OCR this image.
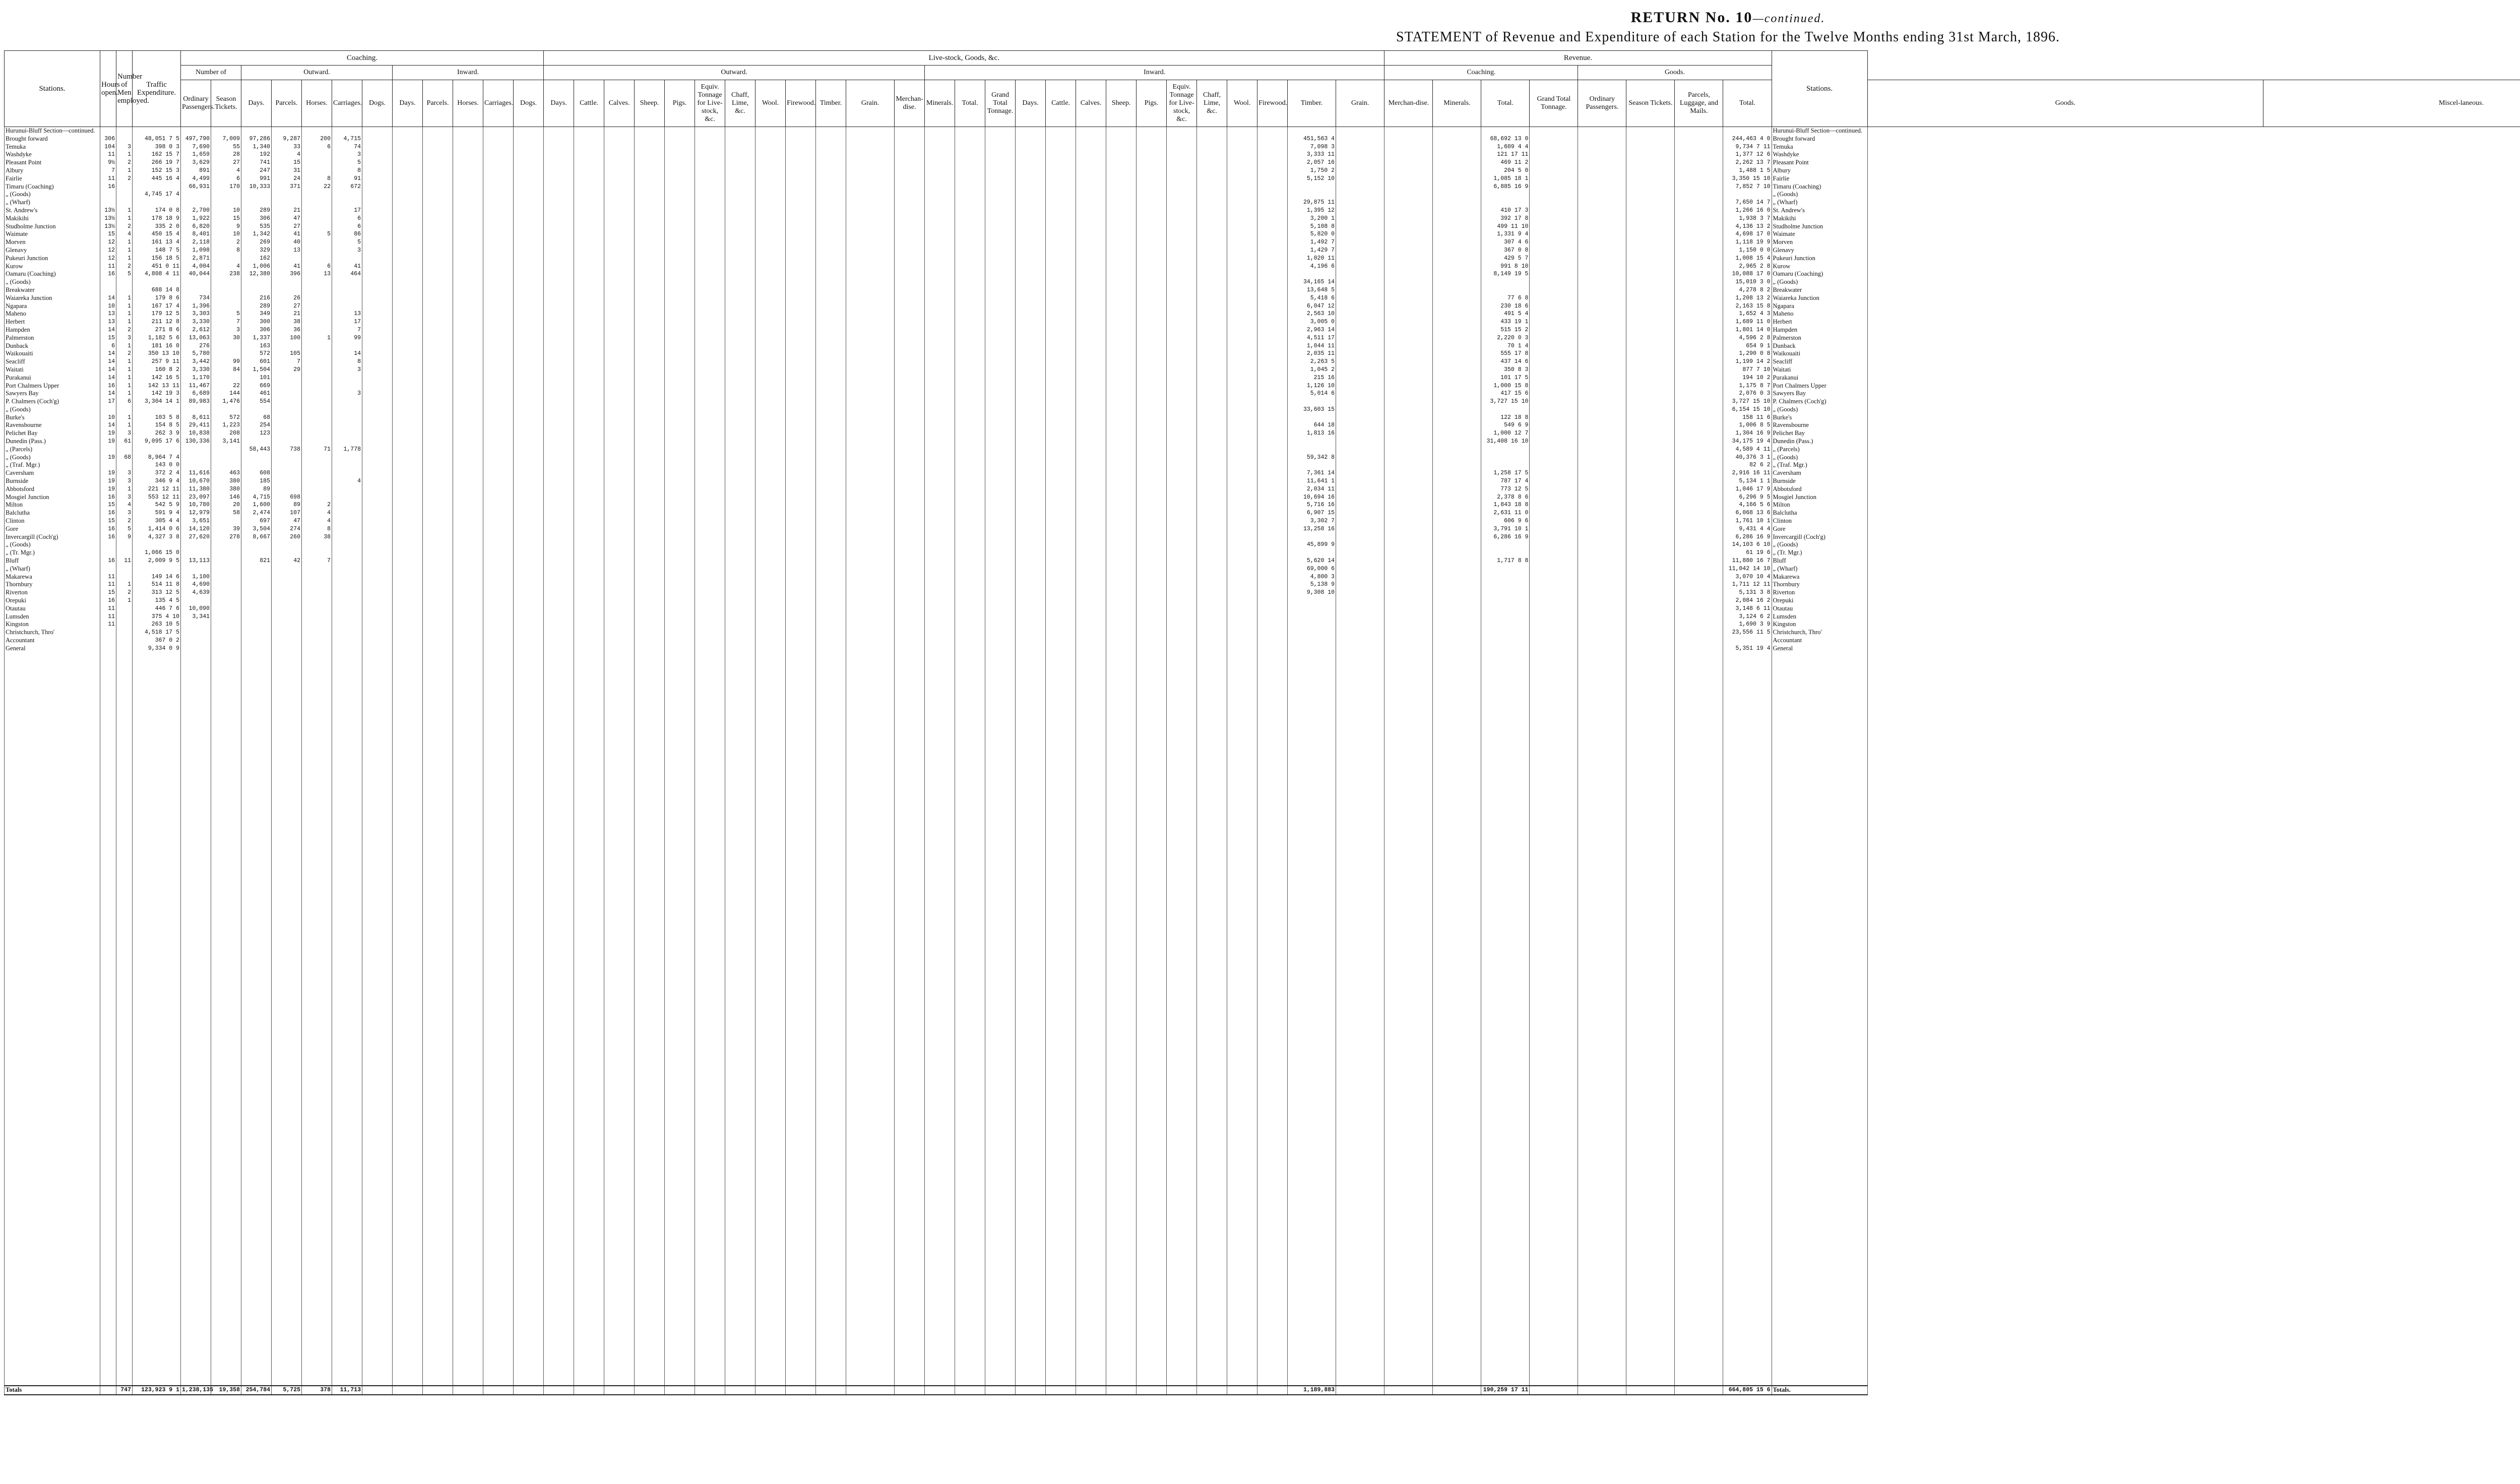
RETURN No. 10—continued.
STATEMENT of Revenue and Expenditure of each Station for the Twelve Months ending 31st March, 1896.
Stations.	Hours open.	Number of Men employed.	Traffic Expenditure.	Coaching.												Live-stock, Goods, &c.																										Revenue.								Stations.				
				Number of		Outward.					Inward.					Outward.												Inward.														Coaching.				Goods.								
						Days.	Parcels.	Horses.	Carriages.	Dogs.	Days.	Parcels.	Horses.	Carriages.	Dogs.	Days.	Cattle.	Calves.	Sheep.	Pigs.	Equiv. Tonnage for Live-stock, &c.	Chaff, Lime, &c.	Wool.	Firewood.	Timber.	Grain.	Merchan-dise.	Minerals.	Total.	Grand Total Tonnage.	Days.	Cattle.	Calves.	Sheep.	Pigs.	Equiv. Tonnage for Live-stock, &c.	Chaff, Lime, &c.	Wool.	Firewood.	Timber.	Grain.	Merchan-dise.	Minerals.	Total.	Grand Total Tonnage.	Ordinary Passengers.	Season Tickets.	Parcels, Luggage, and Mails.	Total.		Goods.	Miscel-laneous.		
				Ordinary Passengers.	Season Tickets.																																																	
Hurunui-Bluff Section—continued.																																																		Hurunui-Bluff Section—continued.				
Brought forward	306		48,051 7 5	497,790	7,009	97,286	9,287	200	4,715																															451,563 4				68,692 13 0					244,463 4 0	Brought forward				
Temuka	104	3	398 0 3	7,690	55	1,340	33	6	74																															7,098 3				1,609 4 4					9,734 7 11	Temuka				
Washdyke	11	1	162 15 7	1,659	28	192	4		3																															3,333 11				121 17 11					1,377 12 6	Washdyke				
Pleasant Point	9½	2	266 19 7	3,629	27	741	15		5																															2,057 16				469 11 2					2,262 13 7	Pleasant Point				
Albury	7	1	152 15 3	891	4	247	31		8																															1,750 2				204 5 0					1,488 1 5	Albury				
Fairlie	11	2	445 16 4	4,499	6	991	24	8	91																															5,152 10				1,085 18 1					3,350 15 10	Fairlie				
Timaru (Coaching)	16			66,931	170	10,333	371	22	672																																			6,885 16 9					7,852 7 10	Timaru (Coaching)				
„ (Goods)			4,745 17 4																																															„ (Goods)				
„ (Wharf)																																								29,875 11									7,650 14 7	„ (Wharf)				
St. Andrew's	13½	1	174 0 8	2,700	10	289	21		17																															1,395 12				410 17 3					1,266 16 0	St. Andrew's				
Makikihi	13½	1	178 18 9	1,922	15	306	47		6																															3,200 1				392 17 8					1,938 3 7	Makikihi				
Studholme Junction	13½	2	335 2 0	6,820	9	535	27		6																															5,108 8				499 11 10					4,136 13 2	Studholme Junction				
Waimate	15	4	450 15 4	8,401	10	1,342	41	5	86																															5,820 0				1,331 9 4					4,698 17 0	Waimate				
Morven	12	1	161 13 4	2,118	2	269	40		5																															1,492 7				307 4 6					1,118 19 9	Morven				
Glenavy	12	1	148 7 5	1,098	8	329	13		3																															1,429 7				367 0 8					1,150 0 0	Glenavy				
Pukeuri Junction	12	1	156 18 5	2,871		162																																		1,020 11				429 5 7					1,008 15 4	Pukeuri Junction				
Kurow	11	2	451 0 11	4,004	4	1,006	41	6	41																															4,196 6				991 8 10					2,965 2 8	Kurow				
Oamaru (Coaching)	16	5	4,808 4 11	40,044	238	12,380	396	13	464																																			8,149 19 5					10,088 17 0	Oamaru (Coaching)				
„ (Goods)																																								34,165 14									15,010 3 0	„ (Goods)				
Breakwater			688 14 8																																					13,648 5									4,278 8 2	Breakwater				
Waiareka Junction	14	1	179 8 6	734		216	26																																	5,418 6				77 6 8					1,208 13 2	Waiareka Junction				
Ngapara	10	1	167 17 4	1,396		289	27																																	6,047 12				230 18 6					2,163 15 8	Ngapara				
Maheno	13	1	179 12 5	3,303	5	349	21		13																															2,563 10				491 5 4					1,652 4 3	Maheno				
Herbert	13	1	211 12 8	3,330	7	300	38		17																															3,005 0				433 19 1					1,689 11 0	Herbert				
Hampden	14	2	271 8 6	2,612	3	306	36		7																															2,963 14				515 15 2					1,801 14 0	Hampden				
Palmerston	15	3	1,182 5 6	13,063	30	1,337	100	1	99																															4,511 17				2,220 0 3					4,596 2 8	Palmerston				
Dunback	6	1	181 16 0	276		163																																		1,044 11				70 1 4					654 9 1	Dunback				
Waikouaiti	14	2	350 13 10	5,780		572	105		14																															2,035 11				555 17 8					1,290 0 8	Waikouaiti				
Seacliff	14	1	257 9 11	3,442	99	601	7		8																															2,263 5				437 14 6					1,199 14 2	Seacliff				
Waitati	14	1	160 8 2	3,330	84	1,504	29		3																															1,045 2				350 8 3					877 7 10	Waitati				
Purakanui	14	1	142 16 5	1,170		101																																		215 16				101 17 5					194 10 2	Purakanui				
Port Chalmers Upper	16	1	142 13 11	11,467	22	669																																		1,126 10				1,000 15 8					1,175 8 7	Port Chalmers Upper				
Sawyers Bay	14	1	142 19 3	6,689	144	461			3																															5,014 6				417 15 6					2,076 0 3	Sawyers Bay				
P. Chalmers (Coch'g)	17	6	3,304 14 1	89,983	1,476	554																																						3,727 15 10					3,727 15 10	P. Chalmers (Coch'g)				
„ (Goods)																																								33,603 15									6,154 15 10	„ (Goods)				
Burke's	10	1	103 5 8	8,611	572	68																																						122 18 8					158 11 6	Burke's				
Ravensbourne	14	1	154 8 5	29,411	1,223	254																																		644 18				549 6 9					1,006 8 5	Ravensbourne				
Pelichet Bay	19	3	262 3 9	10,838	208	123																																		1,813 16				1,000 12 7					1,304 16 9	Pelichet Bay				
Dunedin (Pass.)	19	61	9,095 17 6	130,336	3,141																																							31,408 16 10					34,175 19 4	Dunedin (Pass.)				
„ (Parcels)						58,443	738	71	1,778																																								4,589 4 11	„ (Parcels)				
„ (Goods)	19	68	8,964 7 4																																					59,342 8									40,376 3 1	„ (Goods)				
„ (Traf. Mgr.)			143 0 0																																														82 6 2	„ (Traf. Mgr.)				
Caversham	19	3	372 2 4	11,616	463	608																																		7,361 14				1,258 17 5					2,916 16 11	Caversham				
Burnside	19	3	346 9 4	10,670	380	185			4																															11,641 1				787 17 4					5,134 1 1	Burnside				
Abbotsford	19	1	221 12 11	11,380	380	89																																		2,034 11				773 12 5					1,046 17 9	Abbotsford				
Mosgiel Junction	16	3	553 12 11	23,097	146	4,715	698																																	10,694 16				2,378 8 6					6,296 9 5	Mosgiel Junction				
Milton	15	4	542 5 9	10,780	20	1,600	89	2																																5,716 16				1,843 18 8					4,166 5 6	Milton				
Balclutha	16	3	591 9 4	12,979	58	2,474	107	4																																6,907 15				2,631 11 0					6,068 13 6	Balclutha				
Clinton	15	2	305 4 4	3,651		697	47	4																																3,302 7				606 9 6					1,761 10 1	Clinton				
Gore	16	5	1,414 0 6	14,120	39	3,504	274	8																																13,258 16				3,791 10 1					9,431 4 4	Gore				
Invercargill (Coch'g)	16	9	4,327 3 8	27,620	278	8,667	260	38																																				6,286 16 9					6,286 16 9	Invercargill (Coch'g)				
„ (Goods)																																								45,899 9									14,103 6 10	„ (Goods)				
„ (Tr. Mgr.)			1,066 15 0																																														61 19 6	„ (Tr. Mgr.)				
Bluff	16	11	2,009 9 5	13,113		821	42	7																																5,620 14				1,717 8 8					11,880 16 7	Bluff				
„ (Wharf)																																								69,000 6									11,042 14 10	„ (Wharf)				
Makarewa	11		149 14 6	1,100																																				4,800 3									3,070 10 4	Makarewa				
Thornbury	11	1	514 11 8	4,690																																				5,138 9									1,711 12 11	Thornbury				
Riverton	15	2	313 12 5	4,639																																				9,308 10									5,131 3 8	Riverton				
Orepuki	16	1	135 4 5																																														2,084 16 2	Orepuki				
Otautau	11		446 7 6	10,090																																													3,148 6 11	Otautau				
Lumsden	11		375 4 10	3,341																																													3,124 6 2	Lumsden				
Kingston	11		263 10 5																																														1,690 3 9	Kingston				
Christchurch, Thro'			4,518 17 5																																														23,556 11 5	Christchurch, Thro'				
Accountant			367 0 2																																															Accountant				
General			9,334 0 9																																														5,351 19 4	General				

Totals		747	123,923 9 1	1,238,135	19,358	254,784	5,725	378	11,713																															1,189,883				190,259 17 11					664,805 15 6	Totals.				
